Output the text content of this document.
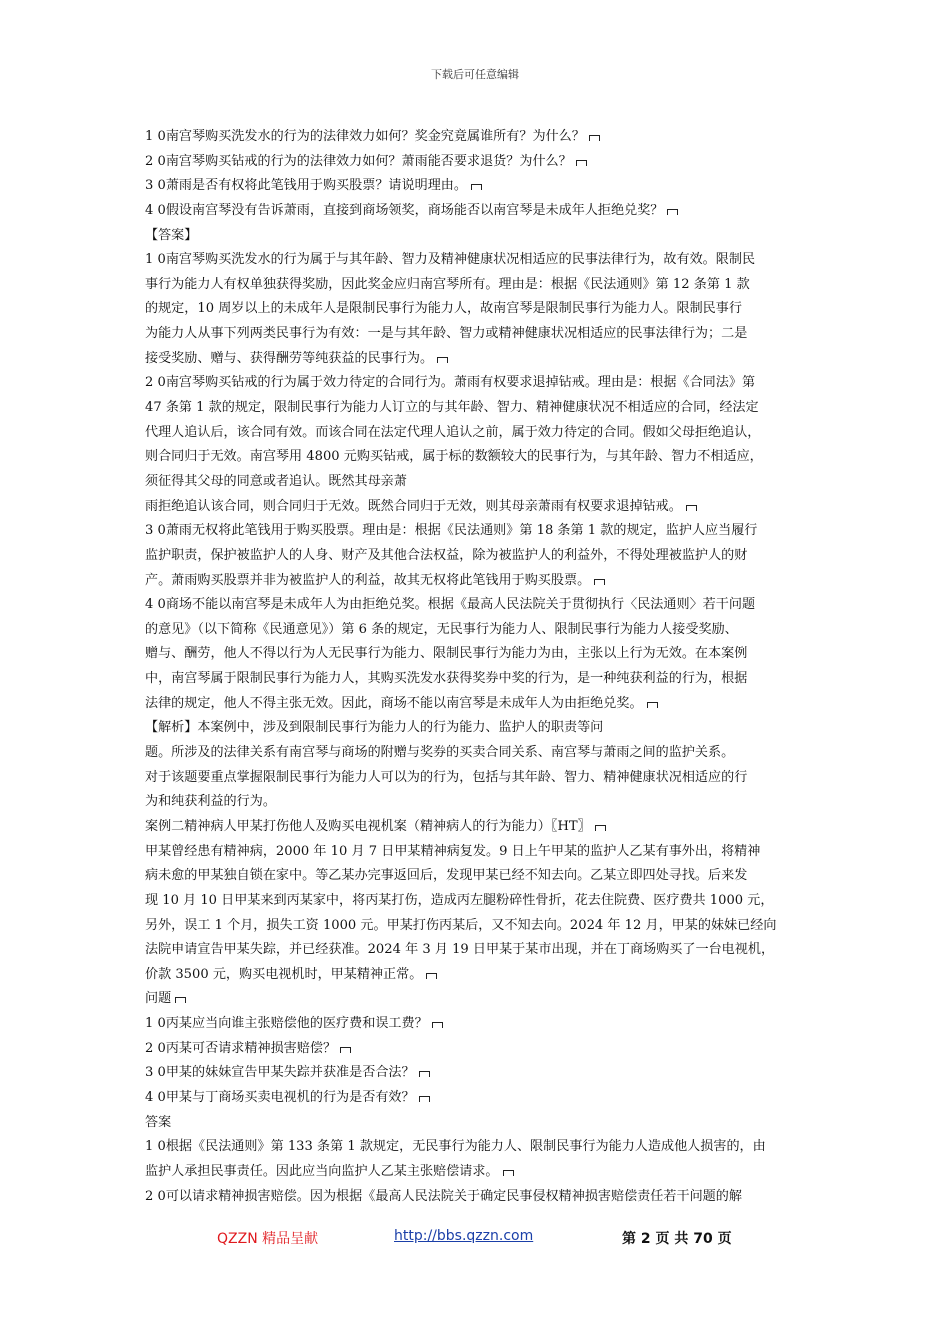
下载后可任意编辑
1 0南宫琴购买洗发水的行为的法律效力如何？奖金究竟属谁所有？为什么？
2 0南宫琴购买钻戒的行为的法律效力如何？萧雨能否要求退货？为什么？
3 0萧雨是否有权将此笔钱用于购买股票？请说明理由。
4 0假设南宫琴没有告诉萧雨，直接到商场领奖，商场能否以南宫琴是未成年人拒绝兑奖？
【答案】
1 0南宫琴购买洗发水的行为属于与其年龄、智力及精神健康状况相适应的民事法律行为，故有效。限制民
事行为能力人有权单独获得奖励，因此奖金应归南宫琴所有。理由是：根据《民法通则》第 12 条第 1 款
的规定，10 周岁以上的未成年人是限制民事行为能力人，故南宫琴是限制民事行为能力人。限制民事行
为能力人从事下列两类民事行为有效：一是与其年龄、智力或精神健康状况相适应的民事法律行为；二是
接受奖励、赠与、获得酬劳等纯获益的民事行为。
2 0南宫琴购买钻戒的行为属于效力待定的合同行为。萧雨有权要求退掉钻戒。理由是：根据《合同法》第
47 条第 1 款的规定，限制民事行为能力人订立的与其年龄、智力、精神健康状况不相适应的合同，经法定
代理人追认后，该合同有效。而该合同在法定代理人追认之前，属于效力待定的合同。假如父母拒绝追认，
则合同归于无效。南宫琴用 4800 元购买钻戒，属于标的数额较大的民事行为，与其年龄、智力不相适应，
须征得其父母的同意或者追认。既然其母亲萧
雨拒绝追认该合同，则合同归于无效。既然合同归于无效，则其母亲萧雨有权要求退掉钻戒。
3 0萧雨无权将此笔钱用于购买股票。理由是：根据《民法通则》第 18 条第 1 款的规定，监护人应当履行
监护职责，保护被监护人的人身、财产及其他合法权益，除为被监护人的利益外，不得处理被监护人的财
产。萧雨购买股票并非为被监护人的利益，故其无权将此笔钱用于购买股票。
4 0商场不能以南宫琴是未成年人为由拒绝兑奖。根据《最高人民法院关于贯彻执行〈民法通则〉若干问题
的意见》（以下简称《民通意见》）第 6 条的规定，无民事行为能力人、限制民事行为能力人接受奖励、
赠与、酬劳，他人不得以行为人无民事行为能力、限制民事行为能力为由，主张以上行为无效。在本案例
中，南宫琴属于限制民事行为能力人，其购买洗发水获得奖券中奖的行为，是一种纯获利益的行为，根据
法律的规定，他人不得主张无效。因此，商场不能以南宫琴是未成年人为由拒绝兑奖。
【解析】本案例中，涉及到限制民事行为能力人的行为能力、监护人的职责等问
题。所涉及的法律关系有南宫琴与商场的附赠与奖券的买卖合同关系、南宫琴与萧雨之间的监护关系。
对于该题要重点掌握限制民事行为能力人可以为的行为，包括与其年龄、智力、精神健康状况相适应的行
为和纯获利益的行为。
案例二精神病人甲某打伤他人及购买电视机案（精神病人的行为能力）〖HT〗
甲某曾经患有精神病，2000 年 10 月 7 日甲某精神病复发。9 日上午甲某的监护人乙某有事外出，将精神
病未愈的甲某独自锁在家中。等乙某办完事返回后，发现甲某已经不知去向。乙某立即四处寻找。后来发
现 10 月 10 日甲某来到丙某家中，将丙某打伤，造成丙左腿粉碎性骨折，花去住院费、医疗费共 1000 元，
另外，误工 1 个月，损失工资 1000 元。甲某打伤丙某后，又不知去向。2024 年 12 月，甲某的妹妹已经向
法院申请宣告甲某失踪，并已经获准。2024 年 3 月 19 日甲某于某市出现，并在丁商场购买了一台电视机，
价款 3500 元，购买电视机时，甲某精神正常。
问题
1 0丙某应当向谁主张赔偿他的医疗费和误工费？
2 0丙某可否请求精神损害赔偿？
3 0甲某的妹妹宣告甲某失踪并获准是否合法？
4 0甲某与丁商场买卖电视机的行为是否有效？
答案
1 0根据《民法通则》第 133 条第 1 款规定，无民事行为能力人、限制民事行为能力人造成他人损害的，由
监护人承担民事责任。因此应当向监护人乙某主张赔偿请求。
2 0可以请求精神损害赔偿。因为根据《最高人民法院关于确定民事侵权精神损害赔偿责任若干问题的解
QZZN 精品呈献	http://bbs.qzzn.com	第 2 页 共 70 页
